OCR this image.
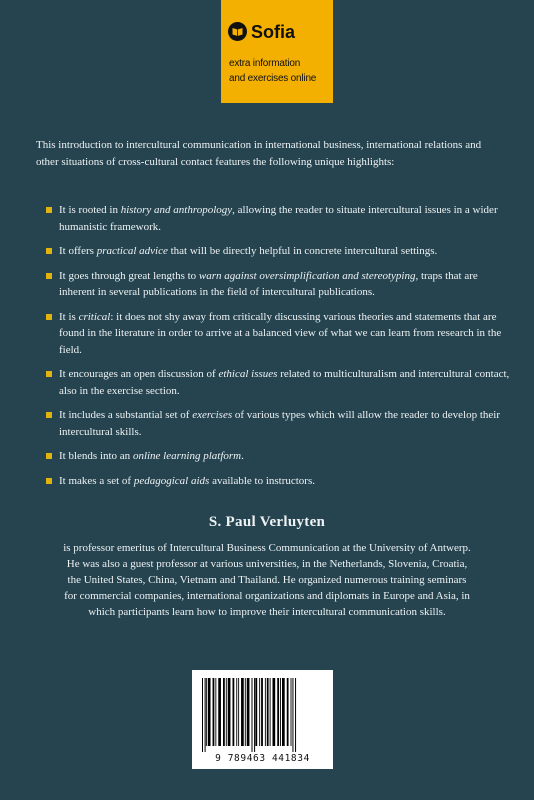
Sofia
extra information
and exercises online
This introduction to intercultural communication in international business, international relations and other situations of cross-cultural contact features the following unique highlights:
It is rooted in history and anthropology, allowing the reader to situate intercultural issues in a wider humanistic framework.
It offers practical advice that will be directly helpful in concrete intercultural settings.
It goes through great lengths to warn against oversimplification and stereotyping, traps that are inherent in several publications in the field of intercultural publications.
It is critical: it does not shy away from critically discussing various theories and statements that are found in the literature in order to arrive at a balanced view of what we can learn from research in the field.
It encourages an open discussion of ethical issues related to multiculturalism and intercultural contact, also in the exercise section.
It includes a substantial set of exercises of various types which will allow the reader to develop their intercultural skills.
It blends into an online learning platform.
It makes a set of pedagogical aids available to instructors.
S. Paul Verluyten
is professor emeritus of Intercultural Business Communication at the University of Antwerp. He was also a guest professor at various universities, in the Netherlands, Slovenia, Croatia, the United States, China, Vietnam and Thailand. He organized numerous training seminars for commercial companies, international organizations and diplomats in Europe and Asia, in which participants learn how to improve their intercultural communication skills.
9 789463 441834
